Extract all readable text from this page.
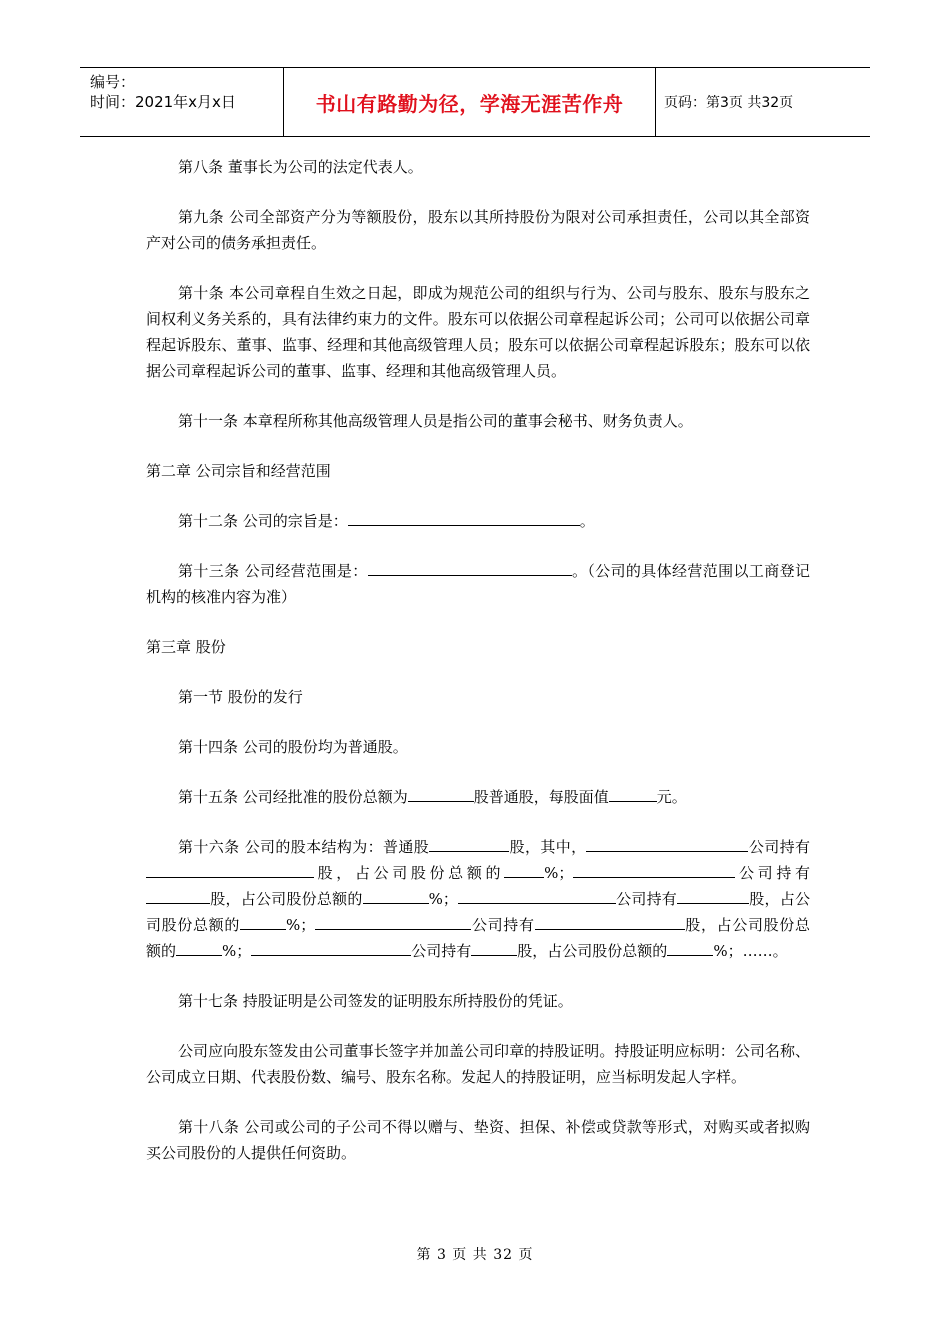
编号：
时间：2021年x月x日	书山有路勤为径，学海无涯苦作舟	页码：第3页 共32页

第八条 董事长为公司的法定代表人。

第九条 公司全部资产分为等额股份，股东以其所持股份为限对公司承担责任，公司以其全部资产对公司的债务承担责任。

第十条 本公司章程自生效之日起，即成为规范公司的组织与行为、公司与股东、股东与股东之间权利义务关系的，具有法律约束力的文件。股东可以依据公司章程起诉公司；公司可以依据公司章程起诉股东、董事、监事、经理和其他高级管理人员；股东可以依据公司章程起诉股东；股东可以依据公司章程起诉公司的董事、监事、经理和其他高级管理人员。

第十一条 本章程所称其他高级管理人员是指公司的董事会秘书、财务负责人。

第二章 公司宗旨和经营范围

第十二条 公司的宗旨是：	。

第十三条 公司经营范围是：	。（公司的具体经营范围以工商登记机构的核准内容为准）

第三章 股份

第一节 股份的发行

第十四条 公司的股份均为普通股。

第十五条 公司经批准的股份总额为	股普通股，每股面值	元。

第十六条 公司的股本结构为：普通股	股，其中，	公司持有股，占公司股份总额的	%；	公司持有股，占公司股份总额的	%；	公司持有	股，占公司股份总额的	%；	公司持有	股，占公司股份总额的	%；	公司持有	股，占公司股份总额的	%；……。

第十七条 持股证明是公司签发的证明股东所持股份的凭证。

公司应向股东签发由公司董事长签字并加盖公司印章的持股证明。持股证明应标明：公司名称、公司成立日期、代表股份数、编号、股东名称。发起人的持股证明，应当标明发起人字样。

第十八条 公司或公司的子公司不得以赠与、垫资、担保、补偿或贷款等形式，对购买或者拟购买公司股份的人提供任何资助。

第 3 页 共 32 页
